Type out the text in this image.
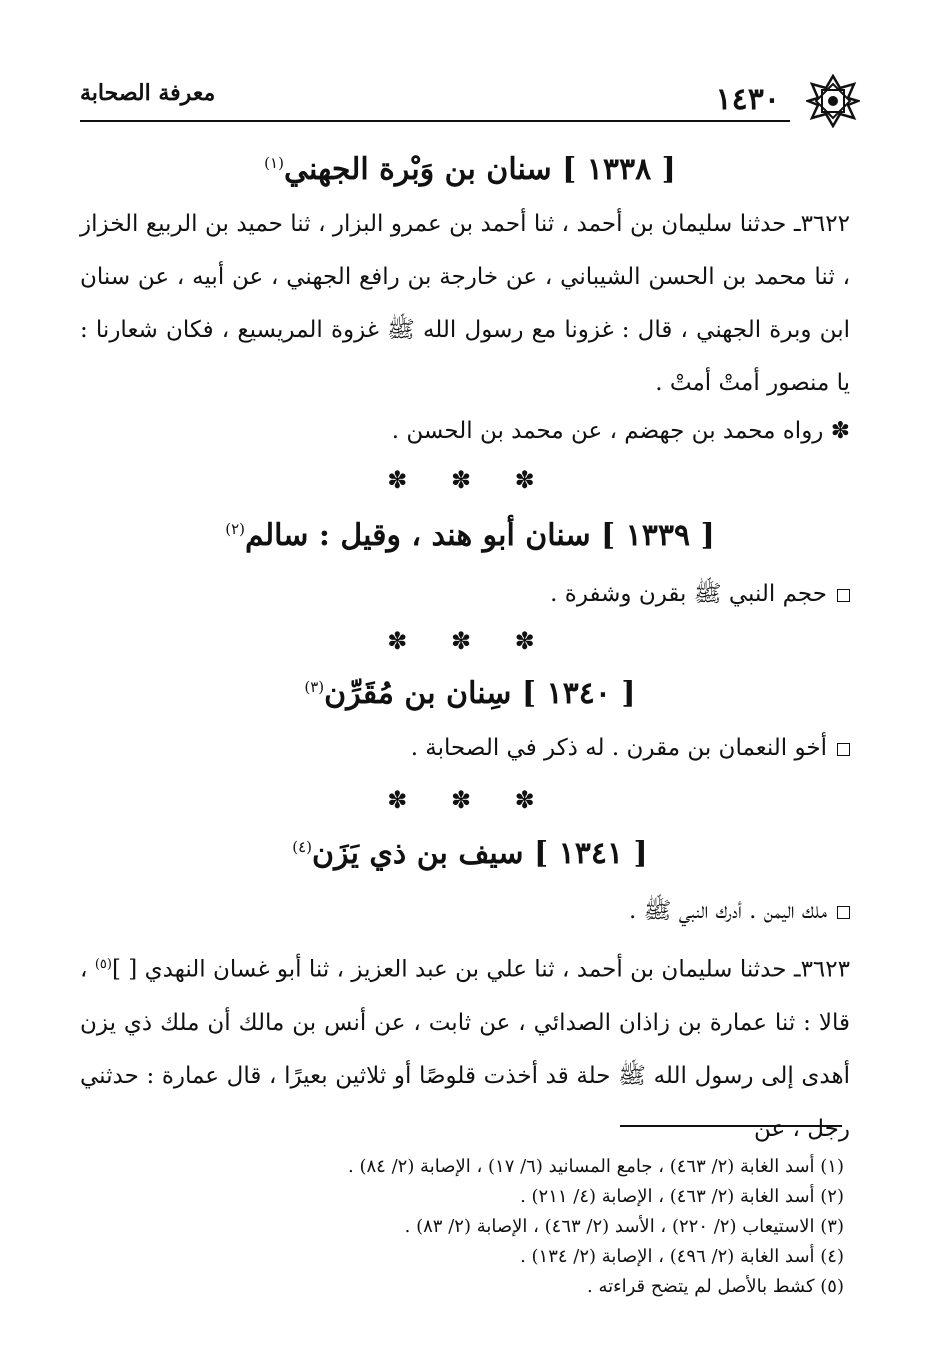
١٤٣٠
معرفة الصحابة
[ ١٣٣٨ ] سنان بن وَبْرة الجهني$^{(١)}$
٣٦٢٢ـ حدثنا سليمان بن أحمد ، ثنا أحمد بن عمرو البزار ، ثنا حميد بن الربيع الخزاز ، ثنا محمد بن الحسن الشيباني ، عن خارجة بن رافع الجهني ، عن أبيه ، عن سنان ابن وبرة الجهني ، قال : غزونا مع رسول الله ﷺ غزوة المريسيع ، فكان شعارنا : يا منصور أمتْ أمتْ .
✽ رواه محمد بن جهضم ، عن محمد بن الحسن .
✽ ✽ ✽
[ ١٣٣٩ ] سنان أبو هند ، وقيل : سالم$^{(٢)}$
حجم النبي ﷺ بقرن وشفرة .
✽ ✽ ✽
[ ١٣٤٠ ] سِنان بن مُقَرِّن$^{(٣)}$
أخو النعمان بن مقرن . له ذكر في الصحابة .
✽ ✽ ✽
[ ١٣٤١ ] سيف بن ذي يَزَن$^{(٤)}$
ملك اليمن . أدرك النبي ﷺ .
٣٦٢٣ـ حدثنا سليمان بن أحمد ، ثنا علي بن عبد العزيز ، ثنا أبو غسان النهدي [ ]$^{(٥)}$ ، قالا : ثنا عمارة بن زاذان الصدائي ، عن ثابت ، عن أنس بن مالك أن ملك ذي يزن أهدى إلى رسول الله ﷺ حلة قد أخذت قلوصًا أو ثلاثين بعيرًا ، قال عمارة : حدثني رجل ، عن
(١) أسد الغابة (٢/ ٤٦٣) ، جامع المسانيد (٦/ ١٧) ، الإصابة (٢/ ٨٤) .
(٢) أسد الغابة (٢/ ٤٦٣) ، الإصابة (٤/ ٢١١) .
(٣) الاستيعاب (٢/ ٢٢٠) ، الأسد (٢/ ٤٦٣) ، الإصابة (٢/ ٨٣) .
(٤) أسد الغابة (٢/ ٤٩٦) ، الإصابة (٢/ ١٣٤) .
(٥) كشط بالأصل لم يتضح قراءته .
